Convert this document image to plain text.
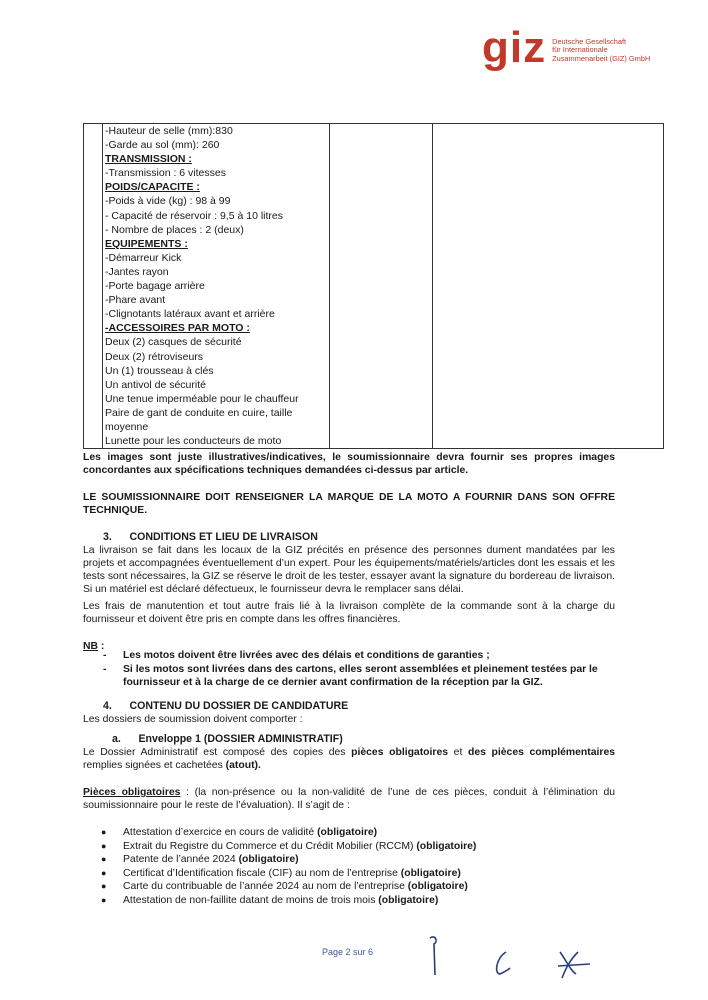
giz Deutsche Gesellschaft
für Internationale
Zusammenarbeit (GIZ) GmbH

-Hauteur de selle (mm):830
-Garde au sol (mm): 260
TRANSMISSION :
-Transmission : 6 vitesses
POIDS/CAPACITE :
-Poids à vide (kg) : 98 à 99
- Capacité de réservoir : 9,5 à 10 litres
- Nombre de places : 2 (deux)
EQUIPEMENTS :
-Démarreur Kick
-Jantes rayon
-Porte bagage arrière
-Phare avant
-Clignotants latéraux avant et arrière
-ACCESSOIRES PAR MOTO :
Deux (2) casques de sécurité
Deux (2) rétroviseurs
Un (1) trousseau à clés
Un antivol de sécurité
Une tenue imperméable pour le chauffeur
Paire de gant de conduite en cuire, taille
moyenne
Lunette pour les conducteurs de moto

Les images sont juste illustratives/indicatives, le soumissionnaire devra fournir ses propres images concordantes aux spécifications techniques demandées ci-dessus par article.
LE SOUMISSIONNAIRE DOIT RENSEIGNER LA MARQUE DE LA MOTO A FOURNIR DANS SON OFFRE TECHNIQUE.
3.      CONDITIONS ET LIEU DE LIVRAISON
La livraison se fait dans les locaux de la GIZ précités en présence des personnes dument mandatées par les projets et accompagnées éventuellement d’un expert. Pour les équipements/matériels/articles dont les essais et les tests sont nécessaires, la GIZ se réserve le droit de les tester, essayer avant la signature du bordereau de livraison. Si un matériel est déclaré défectueux, le fournisseur devra le remplacer sans délai.
Les frais de manutention et tout autre frais lié à la livraison complète de la commande sont à la charge du fournisseur et doivent être pris en compte dans les offres financières.
NB :
- Les motos doivent être livrées avec des délais et conditions de garanties ;
- Si les motos sont livrées dans des cartons, elles seront assemblées et pleinement testées par le fournisseur et à la charge de ce dernier avant confirmation de la réception par la GIZ.
4.      CONTENU DU DOSSIER DE CANDIDATURE
Les dossiers de soumission doivent comporter :
a.      Enveloppe 1 (DOSSIER ADMINISTRATIF)
Le Dossier Administratif est composé des copies des pièces obligatoires et des pièces complémentaires remplies signées et cachetées (atout).
Pièces obligatoires : (la non-présence ou la non-validité de l’une de ces pièces, conduit à l’élimination du soumissionnaire pour le reste de l’évaluation). Il s’agit de :
● Attestation d’exercice en cours de validité (obligatoire)
● Extrait du Registre du Commerce et du Crédit Mobilier (RCCM) (obligatoire)
● Patente de l’année 2024 (obligatoire)
● Certificat d’Identification fiscale (CIF) au nom de l’entreprise (obligatoire)
● Carte du contribuable de l’année 2024 au nom de l’entreprise (obligatoire)
● Attestation de non-faillite datant de moins de trois mois (obligatoire)
Page 2 sur 6
